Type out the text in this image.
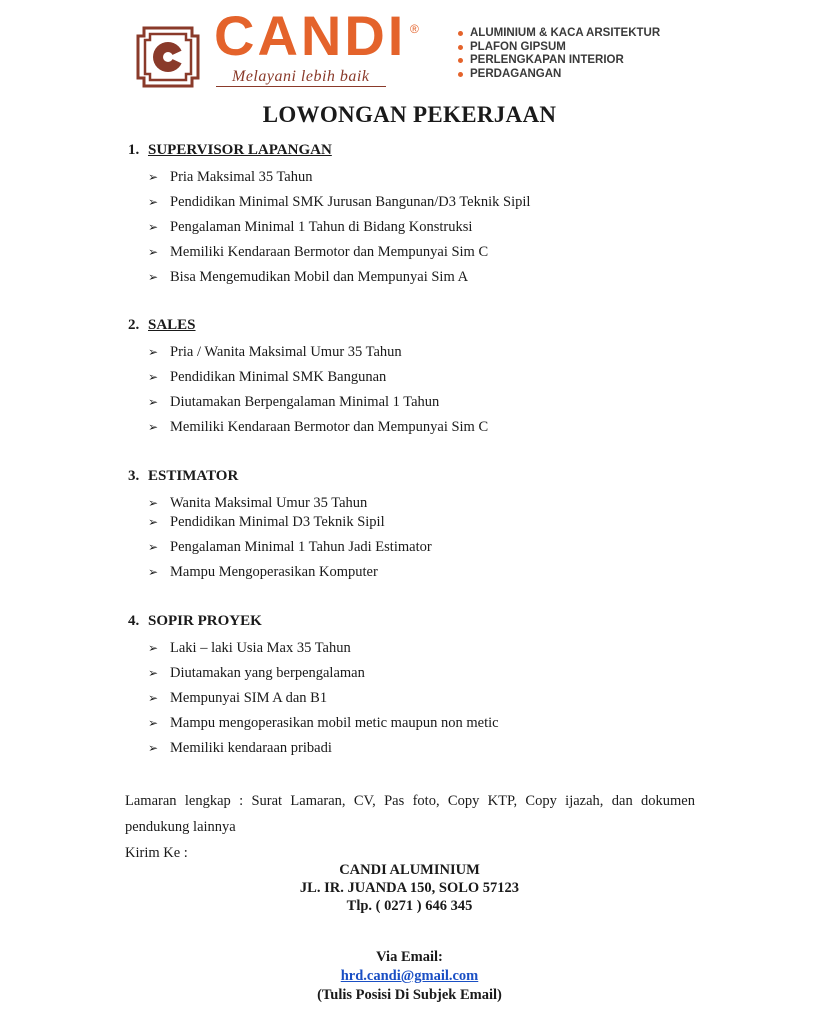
CANDI ®
Melayani lebih baik
ALUMINIUM & KACA ARSITEKTUR
PLAFON GIPSUM
PERLENGKAPAN INTERIOR
PERDAGANGAN
LOWONGAN PEKERJAAN
1. SUPERVISOR LAPANGAN
➢ Pria Maksimal 35 Tahun
➢ Pendidikan Minimal SMK Jurusan Bangunan/D3 Teknik Sipil
➢ Pengalaman Minimal 1 Tahun di Bidang Konstruksi
➢ Memiliki Kendaraan Bermotor dan Mempunyai Sim C
➢ Bisa Mengemudikan Mobil dan Mempunyai Sim A
2. SALES
➢ Pria / Wanita Maksimal Umur 35 Tahun
➢ Pendidikan Minimal SMK Bangunan
➢ Diutamakan Berpengalaman Minimal 1 Tahun
➢ Memiliki Kendaraan Bermotor dan Mempunyai Sim C
3. ESTIMATOR
➢ Wanita Maksimal Umur 35 Tahun
➢ Pendidikan Minimal D3 Teknik Sipil
➢ Pengalaman Minimal 1 Tahun Jadi Estimator
➢ Mampu Mengoperasikan Komputer
4. SOPIR PROYEK
➢ Laki – laki Usia Max 35 Tahun
➢ Diutamakan yang berpengalaman
➢ Mempunyai SIM A dan B1
➢ Mampu mengoperasikan mobil metic maupun non metic
➢ Memiliki kendaraan pribadi

Lamaran lengkap : Surat Lamaran, CV, Pas foto, Copy KTP, Copy ijazah, dan dokumen pendukung lainnya

Kirim Ke :

CANDI ALUMINIUM
JL. IR. JUANDA 150, SOLO 57123
Tlp. ( 0271 ) 646 345
Via Email:
hrd.candi@gmail.com
(Tulis Posisi Di Subjek Email)
